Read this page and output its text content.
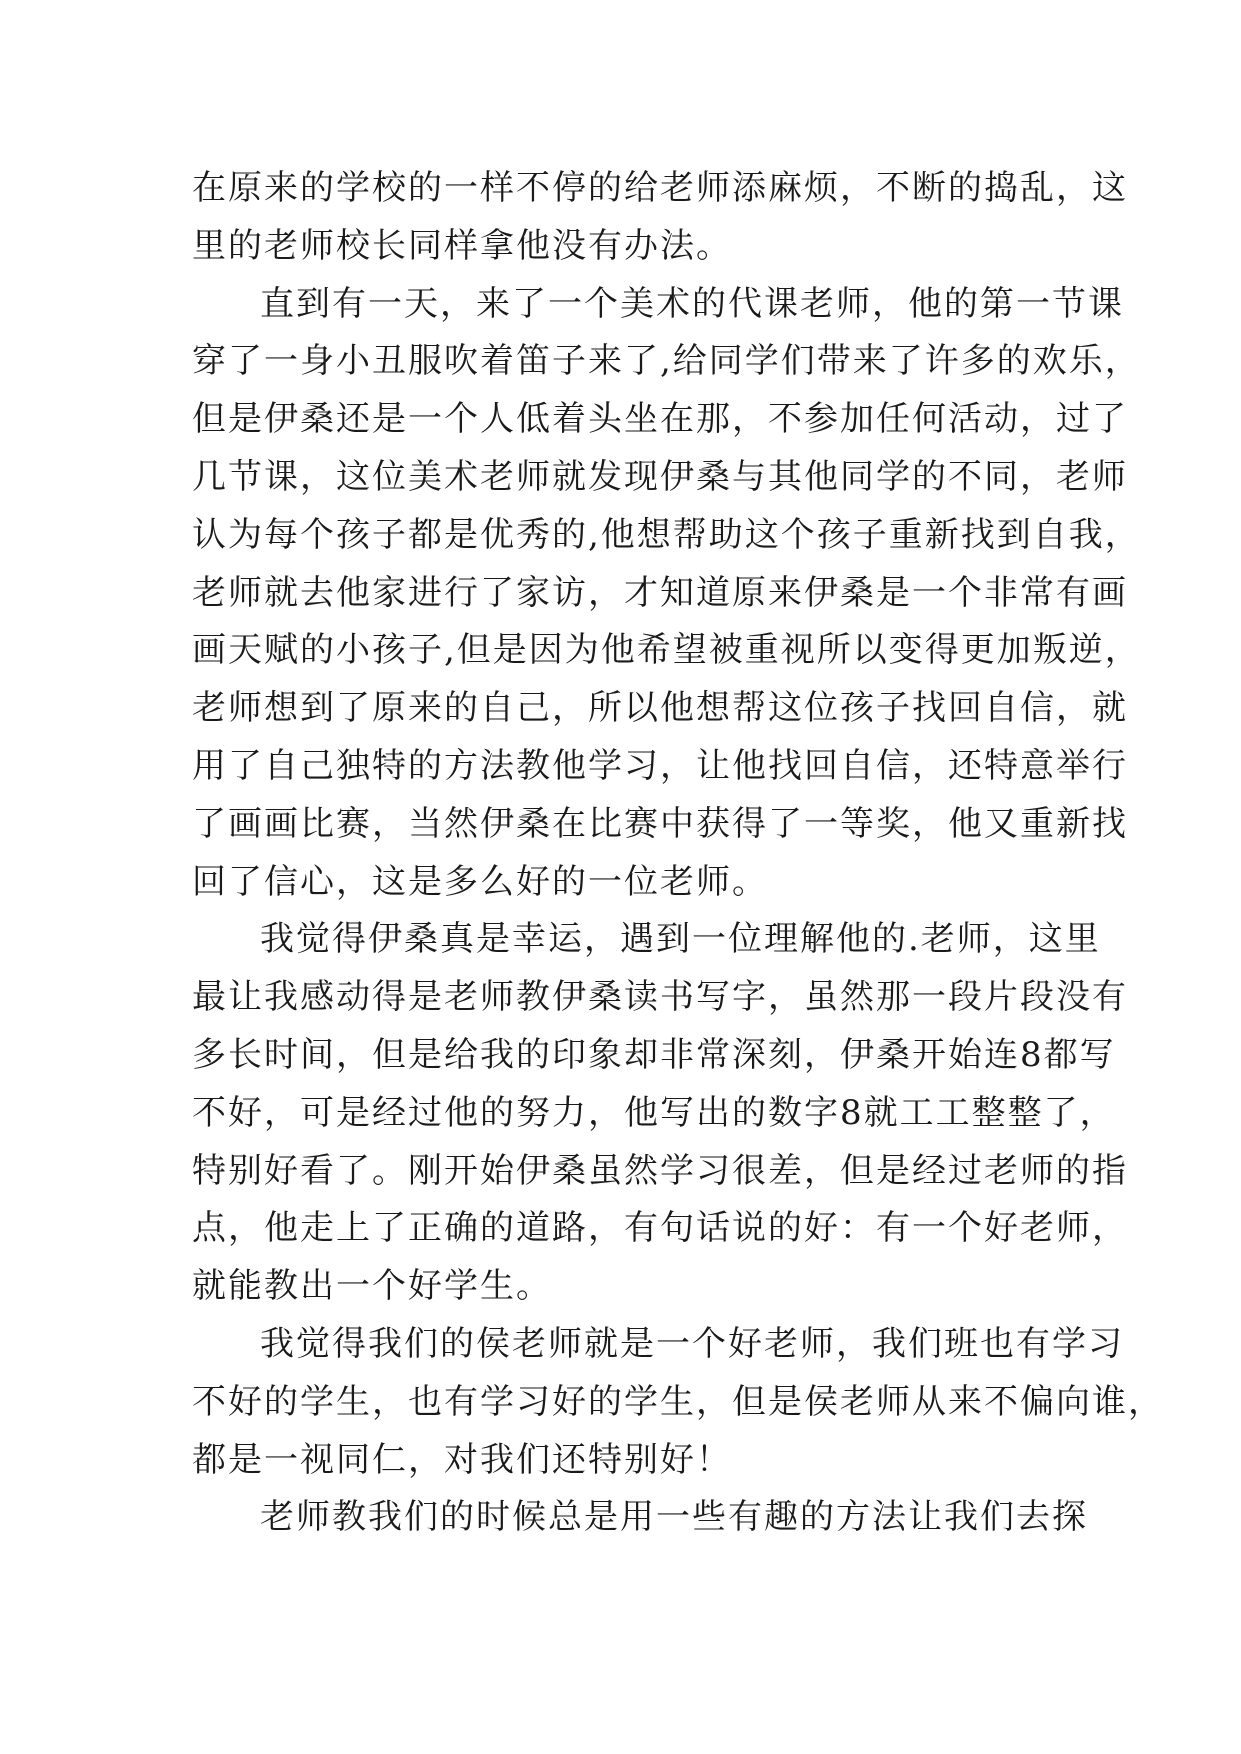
在原来的学校的一样不停的给老师添麻烦，不断的捣乱，这
里的老师校长同样拿他没有办法。
直到有一天，来了一个美术的代课老师，他的第一节课
穿了一身小丑服吹着笛子来了,给同学们带来了许多的欢乐，
但是伊桑还是一个人低着头坐在那，不参加任何活动，过了
几节课，这位美术老师就发现伊桑与其他同学的不同，老师
认为每个孩子都是优秀的,他想帮助这个孩子重新找到自我，
老师就去他家进行了家访，才知道原来伊桑是一个非常有画
画天赋的小孩子,但是因为他希望被重视所以变得更加叛逆，
老师想到了原来的自己，所以他想帮这位孩子找回自信，就
用了自己独特的方法教他学习，让他找回自信，还特意举行
了画画比赛，当然伊桑在比赛中获得了一等奖，他又重新找
回了信心，这是多么好的一位老师。
我觉得伊桑真是幸运，遇到一位理解他的.老师，这里
最让我感动得是老师教伊桑读书写字，虽然那一段片段没有
多长时间，但是给我的印象却非常深刻，伊桑开始连8都写
不好，可是经过他的努力，他写出的数字8就工工整整了，
特别好看了。刚开始伊桑虽然学习很差，但是经过老师的指
点，他走上了正确的道路，有句话说的好：有一个好老师，
就能教出一个好学生。
我觉得我们的侯老师就是一个好老师，我们班也有学习
不好的学生，也有学习好的学生，但是侯老师从来不偏向谁，
都是一视同仁，对我们还特别好！
老师教我们的时候总是用一些有趣的方法让我们去探
